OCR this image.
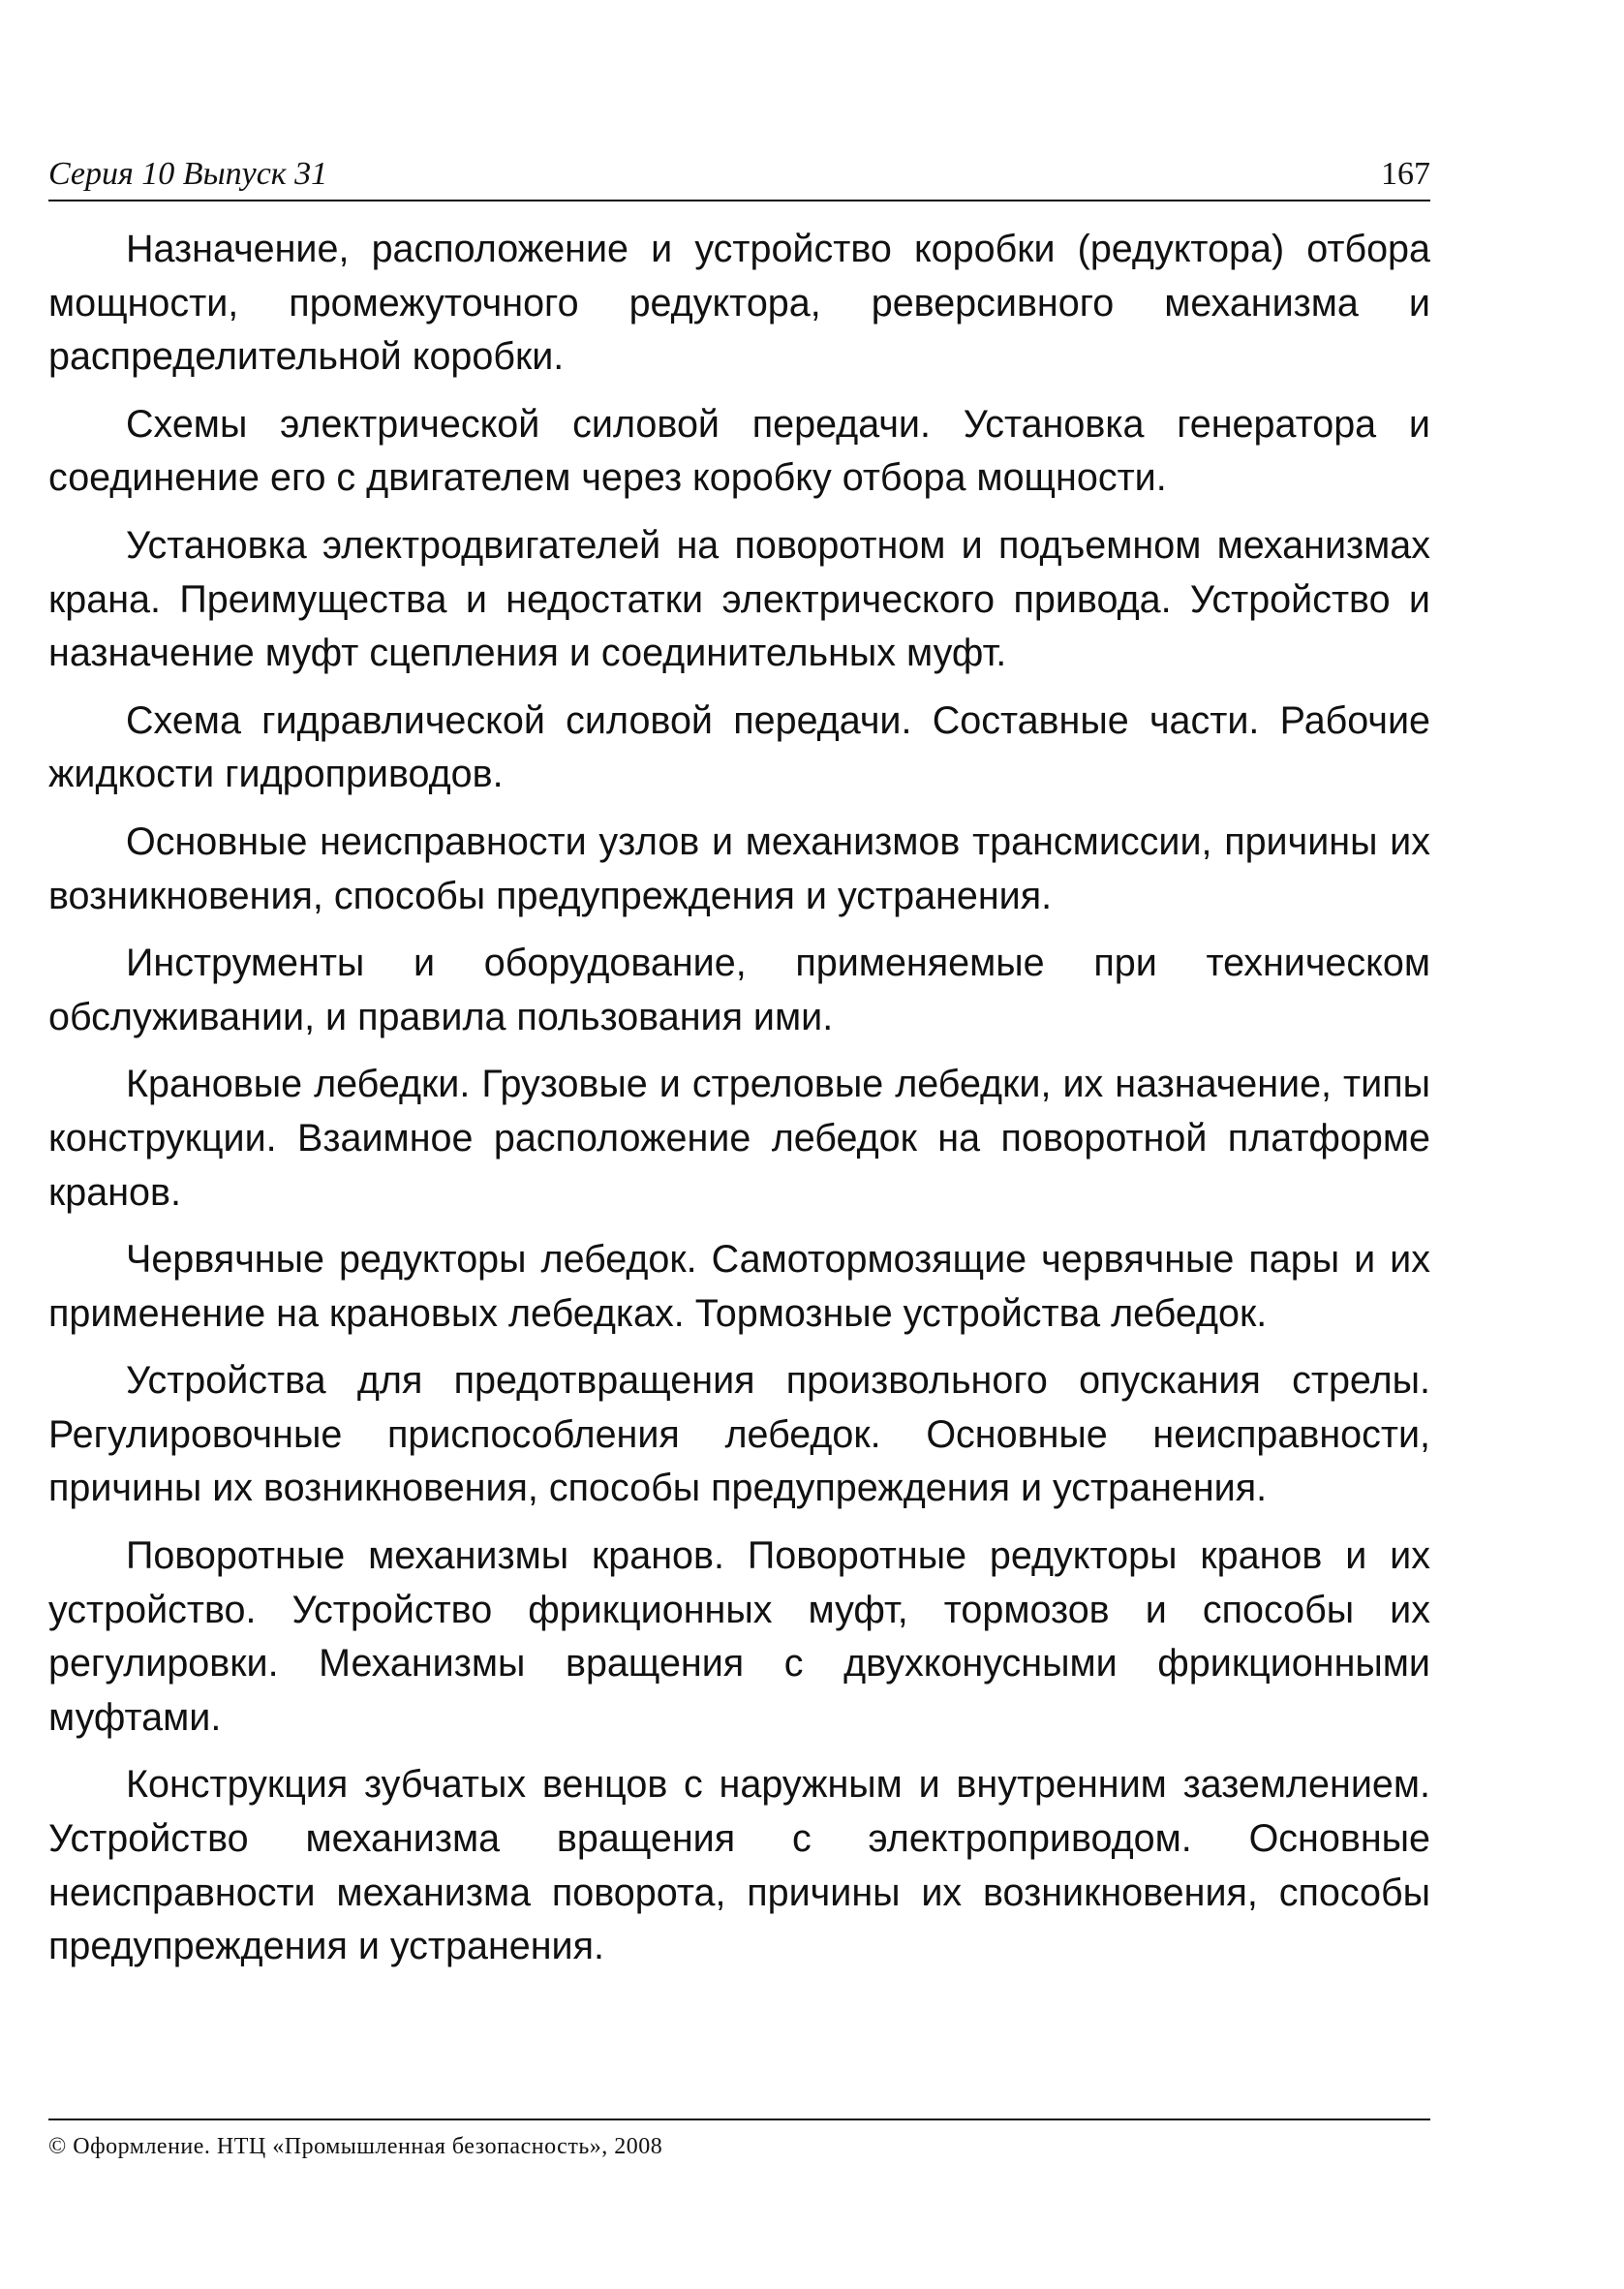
Серия 10 Выпуск 31	167

Назначение, расположение и устройство коробки (редуктора) отбора мощности, промежуточного редуктора, реверсивного механизма и распределительной коробки.

Схемы электрической силовой передачи. Установка генератора и соединение его с двигателем через коробку отбора мощности.

Установка электродвигателей на поворотном и подъемном механизмах крана. Преимущества и недостатки электрического привода. Устройство и назначение муфт сцепления и соединительных муфт.

Схема гидравлической силовой передачи. Составные части. Рабочие жидкости гидроприводов.

Основные неисправности узлов и механизмов трансмиссии, причины их возникновения, способы предупреждения и устранения.

Инструменты и оборудование, применяемые при техническом обслуживании, и правила пользования ими.

Крановые лебедки. Грузовые и стреловые лебедки, их назначение, типы конструкции. Взаимное расположение лебедок на поворотной платформе кранов.

Червячные редукторы лебедок. Самотормозящие червячные пары и их применение на крановых лебедках. Тормозные устройства лебедок.

Устройства для предотвращения произвольного опускания стрелы. Регулировочные приспособления лебедок. Основные неисправности, причины их возникновения, способы предупреждения и устранения.

Поворотные механизмы кранов. Поворотные редукторы кранов и их устройство. Устройство фрикционных муфт, тормозов и способы их регулировки. Механизмы вращения с двухконусными фрикционными муфтами.

Конструкция зубчатых венцов с наружным и внутренним заземлением. Устройство механизма вращения с электроприводом. Основные неисправности механизма поворота, причины их возникновения, способы предупреждения и устранения.

© Оформление. НТЦ «Промышленная безопасность», 2008
